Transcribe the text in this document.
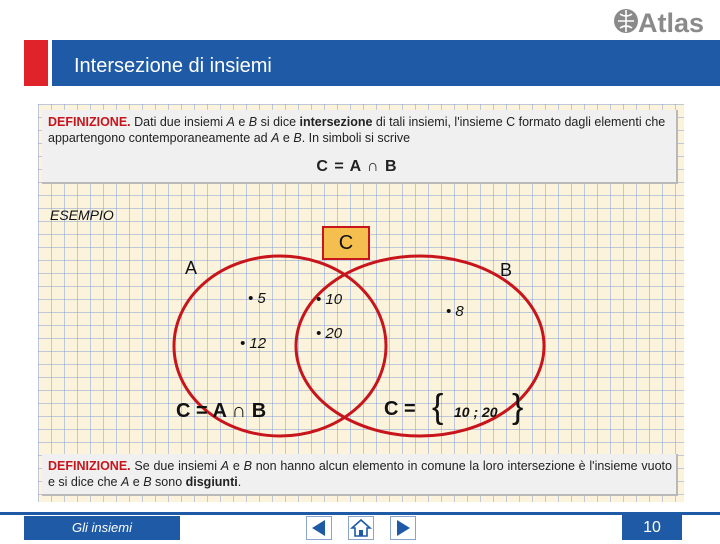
Atlas
Intersezione di insiemi
DEFINIZIONE. Dati due insiemi A e B si dice intersezione di tali insiemi, l'insieme C formato dagli elementi che appartengono contemporaneamente ad A e B. In simboli si scrive
C = A ∩ B
ESEMPIO
C
A	B
• 5
• 12
• 10
• 20
• 8
C = A ∩ B	C = { 10 ; 20 }
DEFINIZIONE. Se due insiemi A e B non hanno alcun elemento in comune la loro intersezione è l'insieme vuoto e si dice che A e B sono disgiunti.
Gli insiemi	10
